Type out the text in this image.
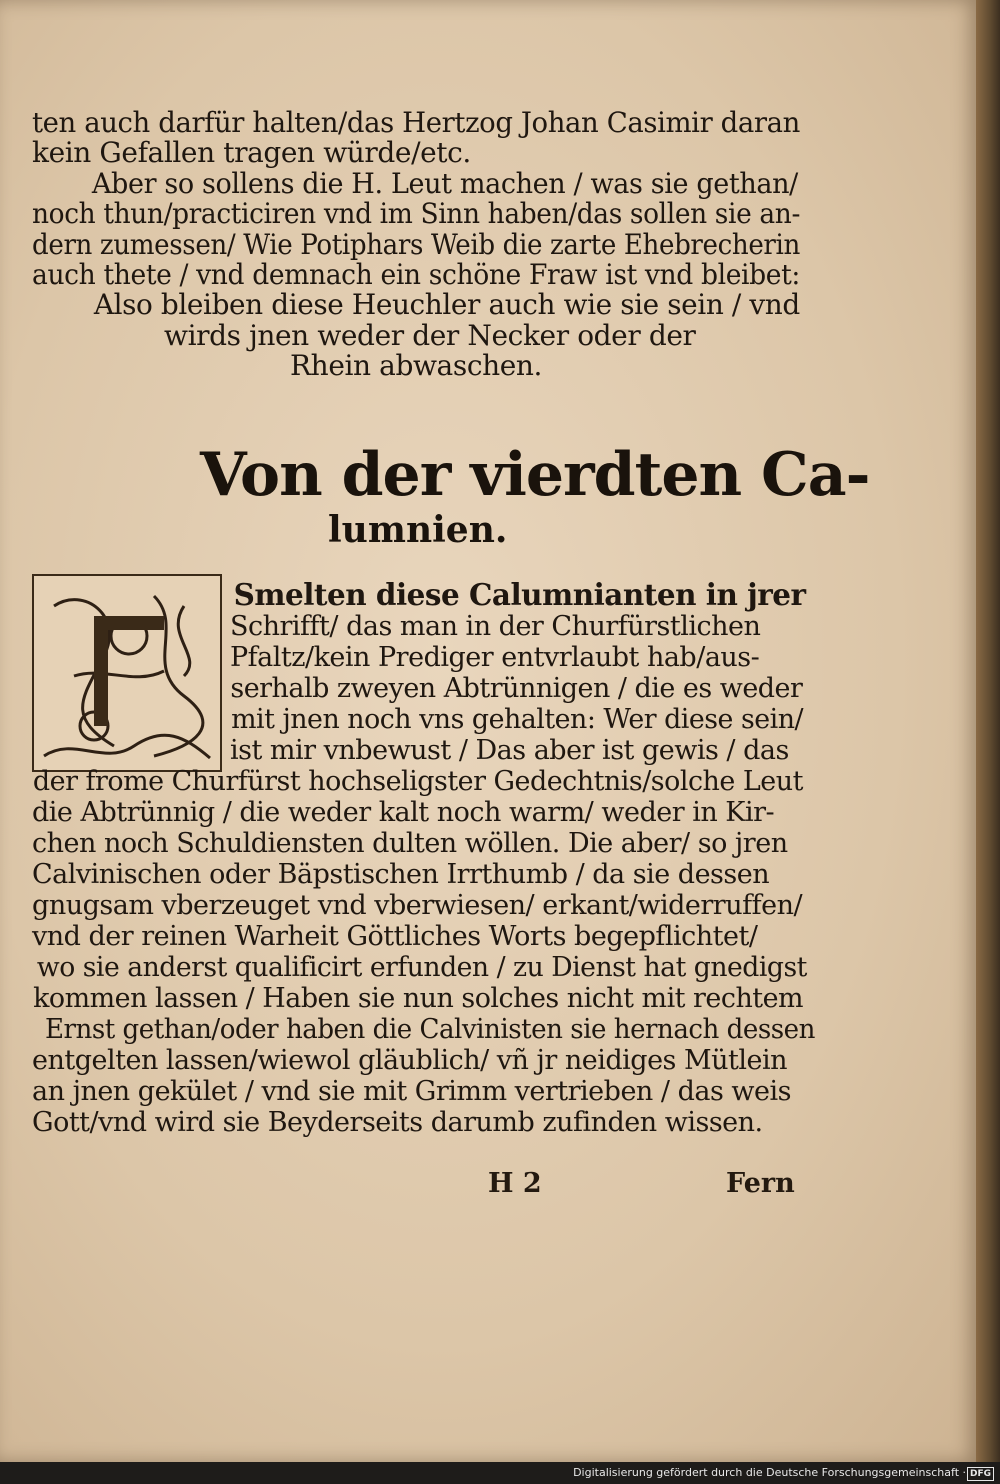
ten auch darfür halten/das Hertzog Johan Casimir daran
kein Gefallen tragen würde/etc.
Aber so sollens die H. Leut machen / was sie gethan/
noch thun/practiciren vnd im Sinn haben/das sollen sie an-
dern zumessen/ Wie Potiphars Weib die zarte Ehebrecherin
auch thete / vnd demnach ein schöne Fraw ist vnd bleibet:
Also bleiben diese Heuchler auch wie sie sein / vnd
wirds jnen weder der Necker oder der
Rhein abwaschen.
Von der vierdten Ca-
lumnien.
Smelten diese Calumnianten in jrer
Schrifft/ das man in der Churfürstlichen
Pfaltz/kein Prediger entvrlaubt hab/aus-
serhalb zweyen Abtrünnigen / die es weder
mit jnen noch vns gehalten: Wer diese sein/
ist mir vnbewust / Das aber ist gewis / das
der frome Churfürst hochseligster Gedechtnis/solche Leut
die Abtrünnig / die weder kalt noch warm/ weder in Kir-
chen noch Schuldiensten dulten wöllen. Die aber/ so jren
Calvinischen oder Bäpstischen Irrthumb / da sie dessen
gnugsam vberzeuget vnd vberwiesen/ erkant/widerruffen/
vnd der reinen Warheit Göttliches Worts begepflichtet/
wo sie anderst qualificirt erfunden / zu Dienst hat gnedigst
kommen lassen / Haben sie nun solches nicht mit rechtem
Ernst gethan/oder haben die Calvinisten sie hernach dessen
entgelten lassen/wiewol gläublich/ vñ jr neidiges Mütlein
an jnen gekület / vnd sie mit Grimm vertrieben / das weis
Gott/vnd wird sie Beyderseits darumb zufinden wissen.
H 2	Fern
Digitalisierung gefördert durch die Deutsche Forschungsgemeinschaft · DFG
